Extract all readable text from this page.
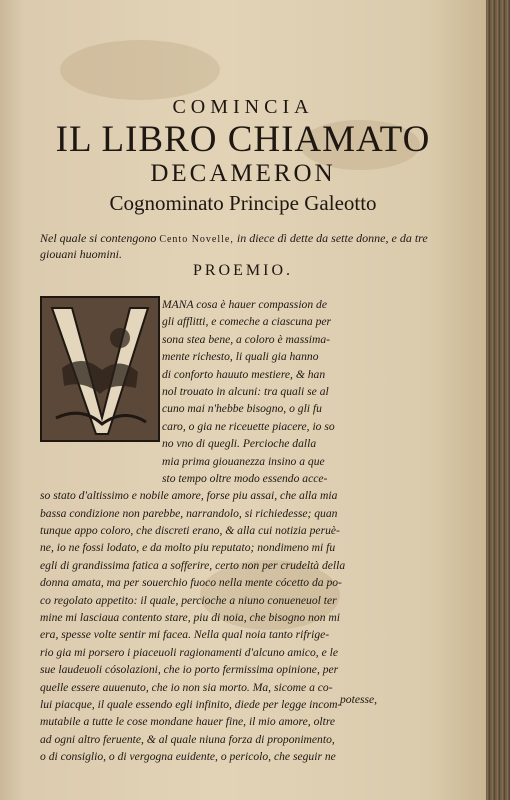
COMINCIA
IL LIBRO CHIAMATO
DECAMERON
Cognominato Principe Galeotto
Nel quale si contengono Cento Novelle, in diece dì dette da sette donne, e da tre giouani huomini.
PROEMIO.
MANA cosa è hauer compassion de
gli afflitti, e comeche a ciascuna per
sona stea bene, a coloro è massima-
mente richesto, li quali gia hanno
di conforto hauuto mestiere, & han
nol trouato in alcuni: tra quali se al
cuno mai n'hebbe bisogno, o gli fu
caro, o gia ne riceuette piacere, io so
no vno di quegli. Percioche dalla
mia prima giouanezza insino a que
sto tempo oltre modo essendo acce-
so stato d'altissimo e nobile amore, forse piu assai, che alla mia
bassa condizione non parebbe, narrandolo, si richiedesse; quan
tunque appo coloro, che discreti erano, & alla cui notizia peruè-
ne, io ne fossi lodato, e da molto piu reputato; nondimeno mi fu
egli di grandissima fatica a sofferire, certo non per crudeltà della
donna amata, ma per souerchio fuoco nella mente cócetto da po-
co regolato appetito: il quale, percioche a niuno conueneuol ter
mine mi lasciaua contento stare, piu di noia, che bisogno non mi
era, spesse volte sentir mi facea. Nella qual noia tanto rifrige-
rio gia mi porsero i piaceuoli ragionamenti d'alcuno amico, e le
sue laudeuoli cósolazioni, che io porto fermissima opinione, per
quelle essere auuenuto, che io non sia morto. Ma, sicome a co-
lui piacque, il quale essendo egli infinito, diede per legge incom-
mutabile a tutte le cose mondane hauer fine, il mio amore, oltre
ad ogni altro feruente, & al quale niuna forza di proponimento,
o di consiglio, o di vergogna euidente, o pericolo, che seguir ne
potesse,
